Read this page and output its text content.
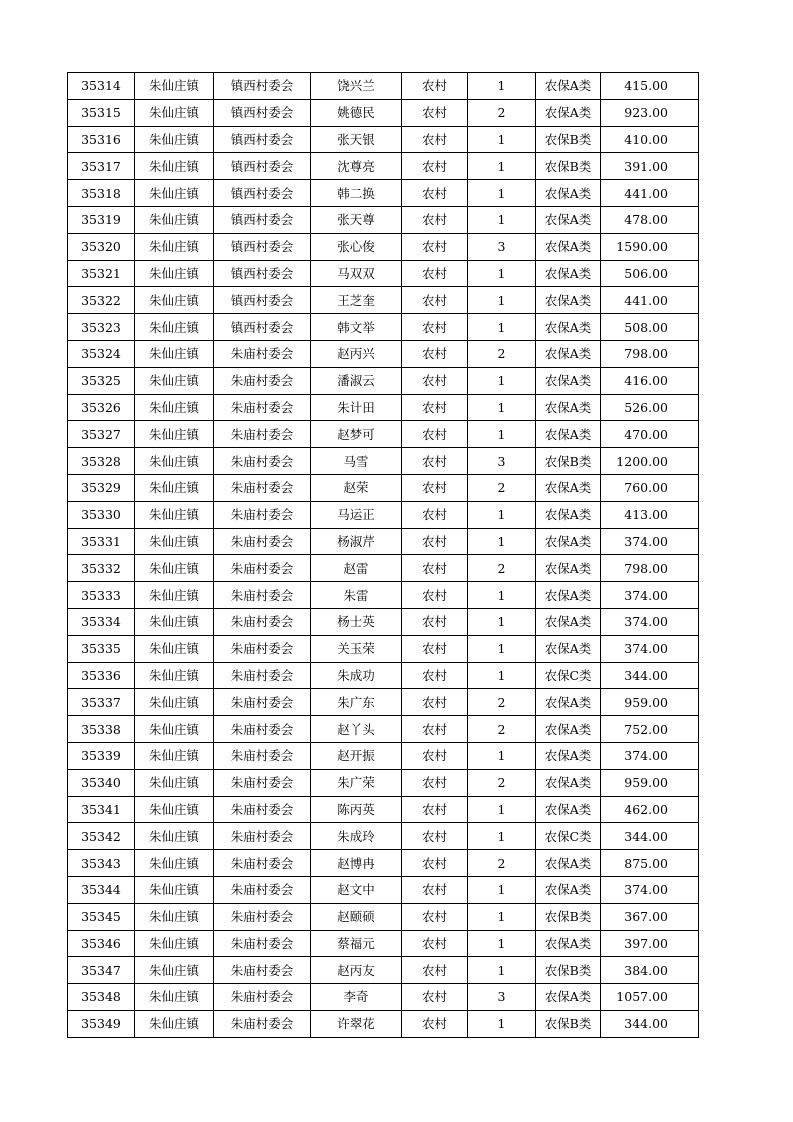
35314	朱仙庄镇	镇西村委会	饶兴兰	农村	1	农保A类	415.00
35315	朱仙庄镇	镇西村委会	姚德民	农村	2	农保A类	923.00
35316	朱仙庄镇	镇西村委会	张天银	农村	1	农保B类	410.00
35317	朱仙庄镇	镇西村委会	沈尊亮	农村	1	农保B类	391.00
35318	朱仙庄镇	镇西村委会	韩二换	农村	1	农保A类	441.00
35319	朱仙庄镇	镇西村委会	张天尊	农村	1	农保A类	478.00
35320	朱仙庄镇	镇西村委会	张心俊	农村	3	农保A类	1590.00
35321	朱仙庄镇	镇西村委会	马双双	农村	1	农保A类	506.00
35322	朱仙庄镇	镇西村委会	王芝奎	农村	1	农保A类	441.00
35323	朱仙庄镇	镇西村委会	韩文举	农村	1	农保A类	508.00
35324	朱仙庄镇	朱庙村委会	赵丙兴	农村	2	农保A类	798.00
35325	朱仙庄镇	朱庙村委会	潘淑云	农村	1	农保A类	416.00
35326	朱仙庄镇	朱庙村委会	朱计田	农村	1	农保A类	526.00
35327	朱仙庄镇	朱庙村委会	赵梦可	农村	1	农保A类	470.00
35328	朱仙庄镇	朱庙村委会	马雪	农村	3	农保B类	1200.00
35329	朱仙庄镇	朱庙村委会	赵荣	农村	2	农保A类	760.00
35330	朱仙庄镇	朱庙村委会	马运正	农村	1	农保A类	413.00
35331	朱仙庄镇	朱庙村委会	杨淑芹	农村	1	农保A类	374.00
35332	朱仙庄镇	朱庙村委会	赵雷	农村	2	农保A类	798.00
35333	朱仙庄镇	朱庙村委会	朱雷	农村	1	农保A类	374.00
35334	朱仙庄镇	朱庙村委会	杨士英	农村	1	农保A类	374.00
35335	朱仙庄镇	朱庙村委会	关玉荣	农村	1	农保A类	374.00
35336	朱仙庄镇	朱庙村委会	朱成功	农村	1	农保C类	344.00
35337	朱仙庄镇	朱庙村委会	朱广东	农村	2	农保A类	959.00
35338	朱仙庄镇	朱庙村委会	赵丫头	农村	2	农保A类	752.00
35339	朱仙庄镇	朱庙村委会	赵开振	农村	1	农保A类	374.00
35340	朱仙庄镇	朱庙村委会	朱广荣	农村	2	农保A类	959.00
35341	朱仙庄镇	朱庙村委会	陈丙英	农村	1	农保A类	462.00
35342	朱仙庄镇	朱庙村委会	朱成玲	农村	1	农保C类	344.00
35343	朱仙庄镇	朱庙村委会	赵博冉	农村	2	农保A类	875.00
35344	朱仙庄镇	朱庙村委会	赵文中	农村	1	农保A类	374.00
35345	朱仙庄镇	朱庙村委会	赵颐硕	农村	1	农保B类	367.00
35346	朱仙庄镇	朱庙村委会	蔡福元	农村	1	农保A类	397.00
35347	朱仙庄镇	朱庙村委会	赵丙友	农村	1	农保B类	384.00
35348	朱仙庄镇	朱庙村委会	李奇	农村	3	农保A类	1057.00
35349	朱仙庄镇	朱庙村委会	许翠花	农村	1	农保B类	344.00
